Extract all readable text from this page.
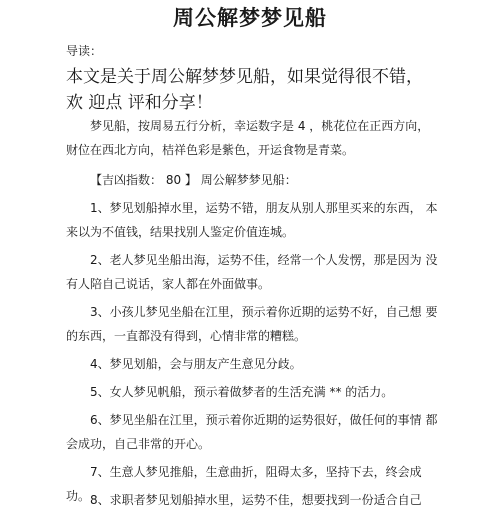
周公解梦梦见船
导读：
本文是关于周公解梦梦见船，如果觉得很不错，欢 迎点 评和分享！
梦见船，按周易五行分析，幸运数字是 4 ，桃花位在正西方向， 财位在西北方向，桔祥色彩是紫色，开运食物是青菜。
【吉凶指数： 80 】 周公解梦梦见船：
1、梦见划船掉水里，运势不错，朋友从别人那里买来的东西， 本来以为不值钱，结果找别人鉴定价值连城。
2、老人梦见坐船出海，运势不佳，经常一个人发愣，那是因为 没有人陪自己说话，家人都在外面做事。
3、小孩儿梦见坐船在江里，预示着你近期的运势不好，自己想 要的东西，一直都没有得到，心情非常的糟糕。
4、梦见划船，会与朋友产生意见分歧。
5、女人梦见帆船，预示着做梦者的生活充满 ** 的活力。
6、梦见坐船在江里，预示着你近期的运势很好，做任何的事情 都会成功，自己非常的开心。
7、生意人梦见推船，生意曲折，阻碍太多，坚持下去，终会成 功。 8、求职者梦见划船掉水里，运势不佳，想要找到一份适合自己
